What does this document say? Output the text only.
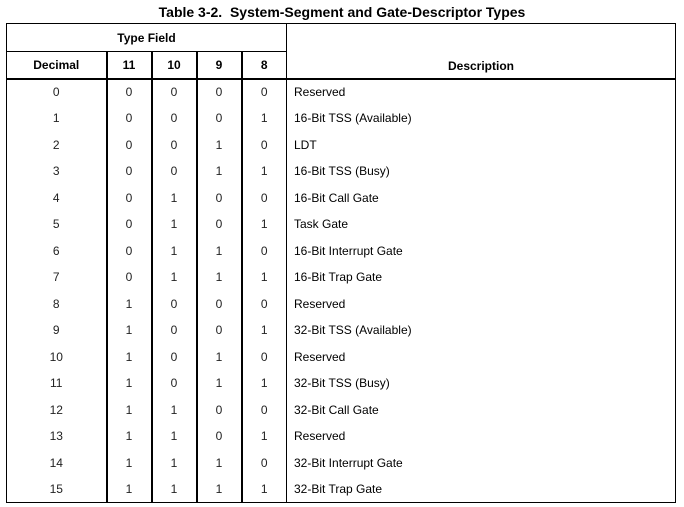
Table 3-2.  System-Segment and Gate-Descriptor Types
Type Field					Description
Decimal	11	10	9	8	
0	0	0	0	0	Reserved
1	0	0	0	1	16-Bit TSS (Available)
2	0	0	1	0	LDT
3	0	0	1	1	16-Bit TSS (Busy)
4	0	1	0	0	16-Bit Call Gate
5	0	1	0	1	Task Gate
6	0	1	1	0	16-Bit Interrupt Gate
7	0	1	1	1	16-Bit Trap Gate
8	1	0	0	0	Reserved
9	1	0	0	1	32-Bit TSS (Available)
10	1	0	1	0	Reserved
11	1	0	1	1	32-Bit TSS (Busy)
12	1	1	0	0	32-Bit Call Gate
13	1	1	0	1	Reserved
14	1	1	1	0	32-Bit Interrupt Gate
15	1	1	1	1	32-Bit Trap Gate
